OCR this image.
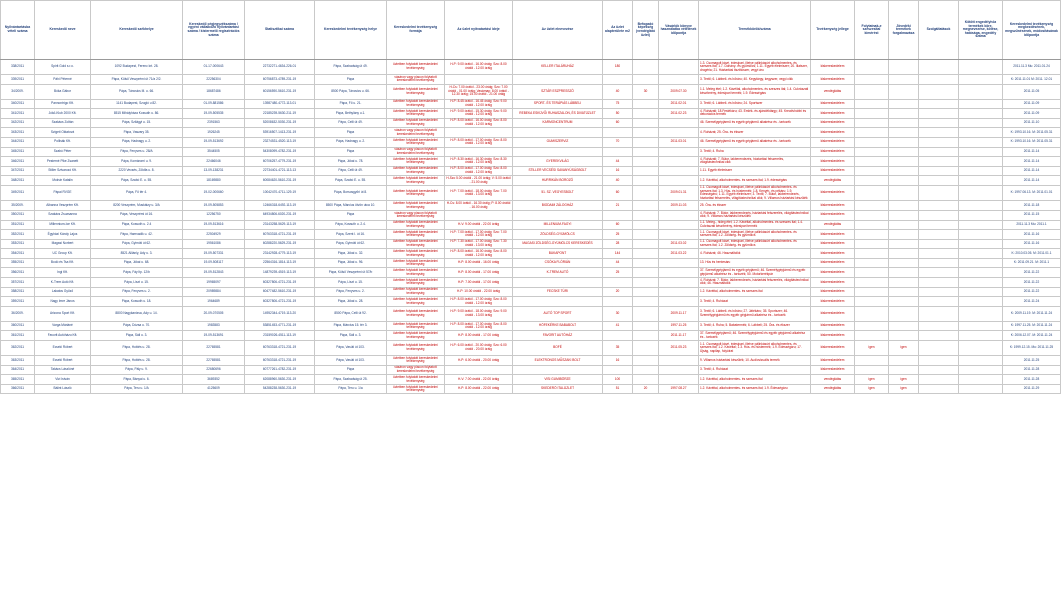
Nyilvántartásba vételi száma	Kereskedő neve	Kereskedő székhelye	Kereskedő cégjegyzékszáma / egyéni vállalkozó nyilvántartási száma / kistermelő regisztrációs száma	Statisztikai száma	Kereskedelmi tevékenység helye	Kereskedelmi tevékenység formája	Az üzlet nyitvatartási ideje	Az üzlet elnevezése	Az üzlet alapterülete m2	Befogadó képesség (vendéglátó üzlet)	Vásárlók könyve használatba vételének időpontja	Termékkörök/száma	Tevékenység jellege	Folytatnak-e szeszesital kimérést	Jövedéki termékek forgalmazása	Szolgáltatások	Kötött engedélyhöz termékek köre, megnevezése, kötése, hatósága, engedély száma	Kereskedelmi tevékenység megkezdésének, megszűnésének, módosításának időpontja
338/2011	Spirit Gold s.r.o.	1092 Budapest, Ferenc krt. 28.	01-17-000643	22732271-4634-226-01	Pápa, Szabadság út 49.	üzletben folytatott kereskedelmi tevékenység	H-P: 9.00 órától - 16.00 óráig; Szo: 8.00 órától - 12.00 óráig	KELLER ITALÁRUHÁZ	180			1.3. Csomagolt kávé, édesipari, illetve pálinkásúrt alkoholmentes- és szeszes ital; 1.7. Dohány- és gyümölcs; 1.11. Egyéb élelmiszer; 20. Illatszer, drogéria; 21. Háztartási tisztítószer, vegyi áru	kiskereskedelem					2011.11.3 Mu: 2011.01.24
339/2011	Páhi Péterné	Pápa, Külső Veszprémi út 71/a 2/2.	22256304	60756873-4789-231-19	Pápa	vásáron vagy piacon folytatott kereskedelmi tevékenység						3. Textil; 6. Lábbeli- és bőráru; 40. Kegytárgy, kegyszer, vegyi cikk	kiskereskedelem					K: 2011.11.01 M: 2011. 12.01
34/2009.	Bóka Gábor	Pápa, Táncsics M. u. 66.	18687486	60156590-5610-231-19	8500 Pápa, Táncsics u. 66.	üzletben folytatott kereskedelmi tevékenység	H-Cs: 7.00 órától - 23.00 óráig; Szo: 7.00 órától - 01.00 óráig; Vasárnap: 8.00 órától - 12.30 óráig; 15.00 órától - 21.00 óráig	SZTÁR ESZPRESSZÓ	40	30	2009.07.30	1.1. Meleg étel; 1.2. Kávéital, alkoholmentes- és szeszes ital; 1.4. Cukrászati készítmény, édesipari termék; 1.9. Édességáru	vendéglátás					2011.11.05
340/2011	Pannontrigo Kft.	1141 Budapest, Szugló u 82.	01-09-881586	13987480-4772-113-01	Pápa, Fő u. 21.	üzletben folytatott kereskedelmi tevékenység	H-P: 8.45 órától - 16.45 óráig; Szo: 9.00 órától - 12.00 óráig	SPORT- ÉS TERÁPIÁS LÁBBELI	75		2011.02.01	3. Textil; 6. Lábbeli- és bőráru; 24. Sportszer	kiskereskedelem					2011.11.09
341/2011	Jókő-Klub 2000 Kft.	8515 Mihályháza Kossuth u. 86.	19-09-505535	22185239-5630-211-19	Pápa, Bethylány u.1.	üzletben folytatott kereskedelmi tevékenység	H-P: 9.00 órától - 15.30 óráig; Szo: 9.00 órától - 12.00 óráig	REBEKA ESKÜVŐI RUHASZALON, ÉS DIVATÜZLET	50		2011.02.23	4. Ruházati; 18.Festékáru; 43. Emlék- és ajándéktárgy; 45. Kreatívhobbi és dekorációs termék	kiskereskedelem					2011.11.09
342/2011	Szakács Zoltán	Pápa, Szilágyi u. 15.	2391563	52008632-5030-231-19	Pápa, Celli út 49.	üzletben folytatott kereskedelmi tevékenység	H-P: 8.00 órától - 16.00 óráig; Szo: 8.00 órától - 12.00 óráig	KARMONCENTRUM	60			46. Személygépjármű és egyéb gépjármű alkatrész és - tartozék	kiskereskedelem					2011.11.10
343/2011	Szigeti Oktatová	Pápa, Vaszary 35.	1926245	53916507-1413-231-19	Pápa	vásáron vagy piacon folytatott kereskedelmi tevékenység						4. Ruházat; 25. Óra- és ékszer	kiskereskedelem					K: 1993.10.16. M: 2011.05.31
344/2011	Pollisák Kft.	Pápa, Hadnagy u. 2.	19-09-513692	23274531-4520-113-19	Pápa, Hadnagy u. 2.	üzletben folytatott kereskedelmi tevékenység	H-P: 8.00 órától - 17.00 óráig; Szo: 8.00 órától - 12.00 óráig	GUMISZERVIZ	70		2011.03.01	46. Személygépjármű és egyéb gépjármű alkatrész és - tartozék	kiskereskedelem					K: 1993.10.16. M: 2011.05.31
345/2011	Szabó Péter	Pápa, Fenyves u. 28/A	3544505	54308099-4782-231-19	Pápa	vásáron vagy piacon folytatott kereskedelmi tevékenység						3. Textil; 4. Ruha	kiskereskedelem					2011.11.14
346/2011	Pesterné Pike Zsanett	Pápa, Komáromi u. 9.	22466046	60706257-4779-231-19	Pápa, Jókai u. 78.	üzletben folytatott kereskedelmi tevékenység	H-P: 8.30 órától - 16.30 óráig; Szo: 8.30 órától - 12.00 óráig	GYEREKVILÁG	44			4. Ruházati; 7. Bútor, lakberendezés, háztartási felszerelés, világítástechnikai cikk	kiskereskedelem					2011.11.14
347/2011	Stiller Szivarozó Kft.	2220 Vecsés, Zöldfa u. 8.	13-09-138231	22734401-4721-113-13	Pápa, Celli út 49.	üzletben folytatott kereskedelmi tevékenység	H-P: 8.00 órától - 17.00 óráig; Szo: 8.00 órától - 12.00 óráig	STILLER VECSÉSI SAVANYÚSÁGBOLT	16			1.11. Egyéb élelmiszer	kiskereskedelem					2011.11.14
348/2011	Molnár Katalin	Pápa, Szabó E. u. 55.	18169880	60084620-5610-231-19	Pápa, Szabó E. u. 55.	üzletben folytatott kereskedelmi tevékenység	H-Szo 5.00 órától - 21.00 óráig; V: 5.00 órától - 21.00 óráig	HURRIKÁN BOROZÓ	40			1.2. Kávéital, alkoholmentes- és szeszes ital; 1.9. édességáru	vendéglátás					2011.11.14
349/2011	Pápai RVGE	Pápa, Fő tér 4.	19-02-000660	10042470-4711-129-19	Pápa, Borsosgyőri út 8.	üzletben folytatott kereskedelmi tevékenység	H-P: 7.00 órától - 18.00 óráig; Szo: 7.00 órától - 13.00 óráig	51. SZ. VEGYESBOLT	60		2009.01.31	1.1. Csomagolt kávé, édesipari, illetve pálinkásúrt alkoholmentes- és szeszes ital; 1.3. Hús- és hústermék; 1.8. Kenyér- és pékáru; 1.9. Édességáru; 1.11. Egyéb élelmiszer; 3. Textil; 7. Bútor, lakberendezés, háztartási felszerelés, világítástechnikai cikk; 9. Villamos háztartási készülék	kiskereskedelem					K: 1997.06.13. M: 2011.01.01
35/2009.	Albanna Veszprém Kft.	8200 Veszprém, Muskátzy u. 3/A	19-09-505853	12466318-6492-113-19	8500 Pápa, Március ötvön utca 10.	üzletben folytatott kereskedelmi tevékenység	H-Cs: 8.00 órától - 16.30 óráig; P: 8.00 órától - 16.00 óráig	BIODAIM ZÁLOGHÁZ	21		2009.11.03	25. Óra- és ékszer	kiskereskedelem					2011.11.18
350/2011	Szakács Zsuzsanna	Pápa, Veszprémi út 16.	12256750	64934806-6020-231-19	Pápa	vásáron vagy piacon folytatott kereskedelmi tevékenység						4. Ruházat; 7. Bútor, lakberendezés, háztartási felszerelés, világítástechnikai cikk; 9. Villamos háztartási készülék	kiskereskedelem					2011.11.15
351/2011	Millennium-Ice Kft.	Pápa, Kossuth u. 2.4	19-09-513616	23143258-5629-113-19	Pápa, Kossuth u. 2.4.	üzletben folytatott kereskedelmi tevékenység	H-V: 9.00 órától - 22.00 óráig	MILLENIUM-FAGYI	60			1.1. Meleg-, hideg étel; 1.2. Kávéital, alkoholmentes- és szeszes ital; 1.4. Cukrászati készítmény, édesipari termék	vendéglátás					2011.11.3 Mu: 2011.1
352/2011	Égyházi Károly Lajos	Pápa, Hamvadik u. 42.	22504929	60763318-4721-231-19	Pápa, Szent I. út 16.	üzletben folytatott kereskedelmi tevékenység	H-P: 7.00 órától - 17.00 óráig; Szo: 7.00 órától - 12.00 óráig	ZÖLDSÉG-GYÜMÖLCS	25			1.1. Csomagolt kávé, édesipari, illetve pálinkásúrt alkoholmentes- és szeszes ital; 1.2. Zöldség- és gyümölcs	kiskereskedelem					2011.11.16
353/2011	Magasi Norbert	Pápa, Gyimóti út 62.	19561086	60288220-5629-231-19	Pápa, Gyimóti út 62.	üzletben folytatott kereskedelmi tevékenység	H-P: 7.30 órától - 17.00 óráig; Szo: 7.30 órától - 13.00 óráig	MAGASI ZÖLDSÉG-GYÜMÖLCS KERESKEDÉS	28		2011.03.02	1.1. Csomagolt kávé, édesipari, illetve pálinkásúrt alkoholmentes- és szeszes ital; 1.2. Zöldség- és gyümölcs	kiskereskedelem					2011.11.16
354/2011	UC Group Kft.	8521 Alliánly, Ady u. 3.	19-09-507331	23142928-4779-113-19	Pápa, Jókai u. 32.	üzletben folytatott kereskedelmi tevékenység	H-P: 8.00 órától - 16.00 óráig; Szo: 8.00 órától - 12.00 óráig	BUKAPONT	144		2011.03.22	4. Ruházat; 46. Használtcikk	kiskereskedelem					K: 2010.03.05. M: 2011.01.1
355/2011	Bodó és Tsa Kft.	Pápa, Jókai u. 68.	19-09-508117	22564316-1814-113-19	Pápa, Jókai u. 96.	üzletben folytatott kereskedelmi tevékenység	H-P: 8.00 órától - 16.00 óráig	CSÓKA FLÓRIÁN	44			13. Hús és hentesáru	kiskereskedelem					K: 2011.09.21. M: 2011.1
356/2011	Ingi Kft.	Pápa, Fáy ltp. 12/b	19-09-512843	14879239-4519-113-19	Pápa, Külső Veszprémi út 57/b	üzletben folytatott kereskedelmi tevékenység	H-P: 8.00 órától - 17.00 óráig	K-TREM AUTÓ	25			37. Személygépjármű és egyéb gépjármű; 46. Személygépjármű és egyéb gépjármű alkatrész és - tartozék; 50. Motorkerékpár	kiskereskedelem					2011.11.22
357/2011	K-Trem Autó Kft.	Pápa, Liszt u. 15.	19965097	60327806-4721-231-19	Pápa, Liszt u. 15.	üzletben folytatott kereskedelmi tevékenység	H-P: 7.00 órától - 17.00 óráig					4. Ruházat; 7. Bútor, lakberendezés, háztartási felszerelés, világítástechnikai cikk; 46. Használtcikk	kiskereskedelem					2011.11.22
358/2011	Lakatos Győző	Pápa, Fenyves u. 2.	20989884	60477482-5610-231-19	Pápa, Fenyves u. 2.	üzletben folytatott kereskedelmi tevékenység	H-P: 10.00 órától - 22.00 óráig	FECSKE TÚRI	20			1.2. Kávéital, alkoholmentes- és szeszes ital	kiskereskedelem					2011.11.22
359/2011	Nagy Imre János	Pápa, Kossuth u. 18.	1964689	60327806-4721-231-19	Pápa, Jókai u. 28.	üzletben folytatott kereskedelmi tevékenység	H-P: 8.00 órától - 17.00 óráig; Szo: 8.00 órától - 12.00 óráig					3. Textil; 4. Ruházat	kiskereskedelem					2011.11.24
36/2009.	Arizona Sport Kft.	8800 Nagykanizsa, Ady u. 14.	20-09-070505	14952344-4719-113-20	8500 Pápa, Celli út 92.	üzletben folytatott kereskedelmi tevékenység	H-P: 9.00 órától - 18.00 óráig; Szo: 9.00 órától - 13.00 óráig	AUTÓ TOP SPORT	30		2009.11.17	3. Textil; 6. Lábbeli- és bőráru; 27. Játékáru; 35. Sportszer; 46. Személygépjármű és egyéb gépjármű alkatrész és - tartozék	kiskereskedelem					K: 2009.11.19. M: 2011.11.24
360/2011	Varga Máriáné	Pápa, Dózsa u. 70.	1983583	53851453-4771-231-19	Pápa, Március 15. tér 3.	üzletben folytatott kereskedelmi tevékenység	H-P: 8.00 órától - 17.00 óráig; Szo: 8.00 órától - 12.00 óráig	HÖFEKÉRKE BABABOLT	41		1997.11.25	3. Textil; 4. Ruha; 5. Babatermék; 6. Lábbeli; 25. Óra- és ékszer	kiskereskedelem					K: 1997.11.25. M: 2011.11.24
361/2011	Favorit Autóházu Kft.	Pápa, Sáli u. 3.	19-09-513691	23159026-4511-113-19	Pápa, Sáli u. 3.	üzletben folytatott kereskedelmi tevékenység	H-P: 8.00 órától - 17.00 óráig	FAVORIT AUTÓHÁZ			2011.11.17	37. Személygépjármű; 46. Személygépjármű és egyéb gépjármű alkatrész és - tartozék	kiskereskedelem					K: 2006.12.07. M: 2011.11.24
362/2011	Ecseki Róbert	Pápa, Hoblés u. 28.	22765581	60763318-4721-231-19	Pápa, Vasúti út 103.	üzletben folytatott kereskedelmi tevékenység	H-P: 6.00 órától - 20.00 óráig; Szo: 6.00 órától - 20.00 óráig	BOFÉ	35		2011.05.23	1.1. Csomagolt kávé, édesipari, illetve pálinkásúrt alkoholmentes- és szeszes ital; 1.2. Kávéital; 1.3. Hús- és hústermék; 1.9. Édességáru; 17. Újság, napilap, folyóirat	kiskereskedelem	igen	igen			K: 1999.12.15. Mu: 2011.11.25
363/2011	Ecseki Róbert	Pápa, Hoblés u. 28.	22765581	60763318-4721-231-19	Pápa, Vasúti út 103.	üzletben folytatott kereskedelmi tevékenység	H-P: 6.00 órától - 20.00 óráig	ELEKTRONOS MŰSZAKI BOLT	16			9. Villamos háztartási készülék; 10. Audiovizuális termék	kiskereskedelem					2011.11.25
364/2011	Takács Lászlóné	Pápa, Pály u. 9.	22680696	60777261-4782-231-19	Pápa	vásáron vagy piacon folytatott kereskedelmi tevékenység						3. Textil; 4. Ruházat	kiskereskedelem					2011.11.28
365/2011	Vizi István	Pápa, Bányai u. 6.	3689352	62088960-5630-231-19	Pápa, Szabadság út 25.	üzletben folytatott kereskedelmi tevékenység	H-V: 7.00 órától - 22.00 óráig	VISI GUMIBÖRZE	100			1.2. Kávéital, alkoholmentes- és szeszes ital	vendéglátás	igen	igen			2011.11.28
366/2011	Bálint László	Pápa, Teru u. 1/A	4125609	54288238-5630-231-19	Pápa, Teru u. 1/a	üzletben folytatott kereskedelmi tevékenység	H-P: 8.00 órától - 22.00 óráig	SKEDERÖ ITALÜZLET	51	20	1997.08.27	1.2. Kávéital, alkoholmentes- és szeszes ital; 1.9. Édességáru	vendéglátás	igen	igen			2011.11.29
